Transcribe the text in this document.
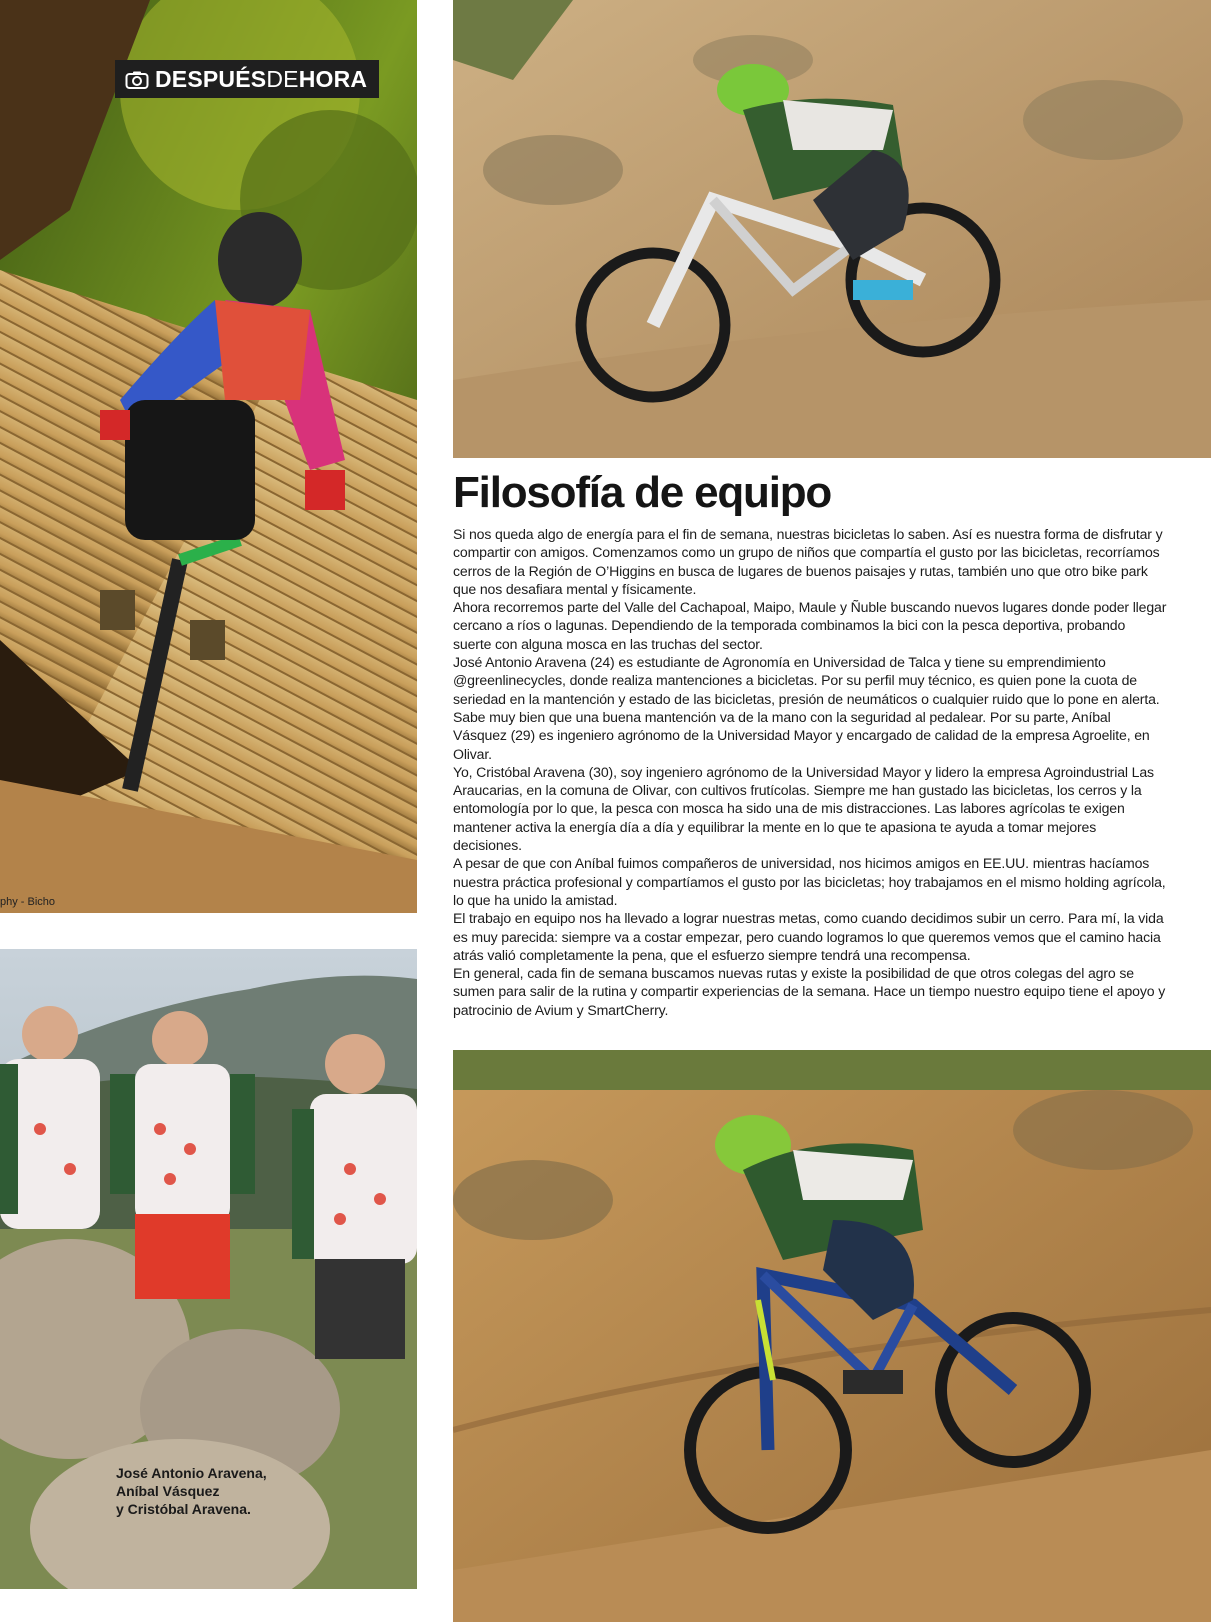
DESPUÉSDEHORA
phy - Bicho
José Antonio Aravena,
Aníbal Vásquez
y Cristóbal Aravena.
Filosofía de equipo

Si nos queda algo de energía para el fin de semana, nuestras bicicletas lo saben. Así es nuestra forma de disfrutar y compartir con amigos. Comenzamos como un grupo de niños que compartía el gusto por las bicicletas, recorríamos cerros de la Región de O’Higgins en busca de lugares de buenos paisajes y rutas, también uno que otro bike park que nos desafiara mental y físicamente.

Ahora recorremos parte del Valle del Cachapoal, Maipo, Maule y Ñuble buscando nuevos lugares donde poder llegar cercano a ríos o lagunas. Dependiendo de la temporada combinamos la bici con la pesca deportiva, probando suerte con alguna mosca en las truchas del sector.

José Antonio Aravena (24) es estudiante de Agronomía en Universidad de Talca y tiene su emprendimiento @greenlinecycles, donde realiza mantenciones a bicicletas. Por su perfil muy técnico, es quien pone la cuota de seriedad en la mantención y estado de las bicicletas, presión de neumáticos o cualquier ruido que lo pone en alerta. Sabe muy bien que una buena mantención va de la mano con la seguridad al pedalear. Por su parte, Aníbal Vásquez (29) es ingeniero agrónomo de la Universidad Mayor y encargado de calidad de la empresa Agroelite, en Olivar.

Yo, Cristóbal Aravena (30), soy ingeniero agrónomo de la Universidad Mayor y lidero la empresa Agroindustrial Las Araucarias, en la comuna de Olivar, con cultivos frutícolas. Siempre me han gustado las bicicletas, los cerros y la entomología por lo que, la pesca con mosca ha sido una de mis distracciones. Las labores agrícolas te exigen mantener activa la energía día a día y equilibrar la mente en lo que te apasiona te ayuda a tomar mejores decisiones.

A pesar de que con Aníbal fuimos compañeros de universidad, nos hicimos amigos en EE.UU. mientras hacíamos nuestra práctica profesional y compartíamos el gusto por las bicicletas; hoy trabajamos en el mismo holding agrícola, lo que ha unido la amistad.

El trabajo en equipo nos ha llevado a lograr nuestras metas, como cuando decidimos subir un cerro. Para mí, la vida es muy parecida: siempre va a costar empezar, pero cuando logramos lo que queremos vemos que el camino hacia atrás valió completamente la pena, que el esfuerzo siempre tendrá una recompensa.

En general, cada fin de semana buscamos nuevas rutas y existe la posibilidad de que otros colegas del agro se sumen para salir de la rutina y compartir experiencias de la semana. Hace un tiempo nuestro equipo tiene el apoyo y patrocinio de Avium y SmartCherry.
